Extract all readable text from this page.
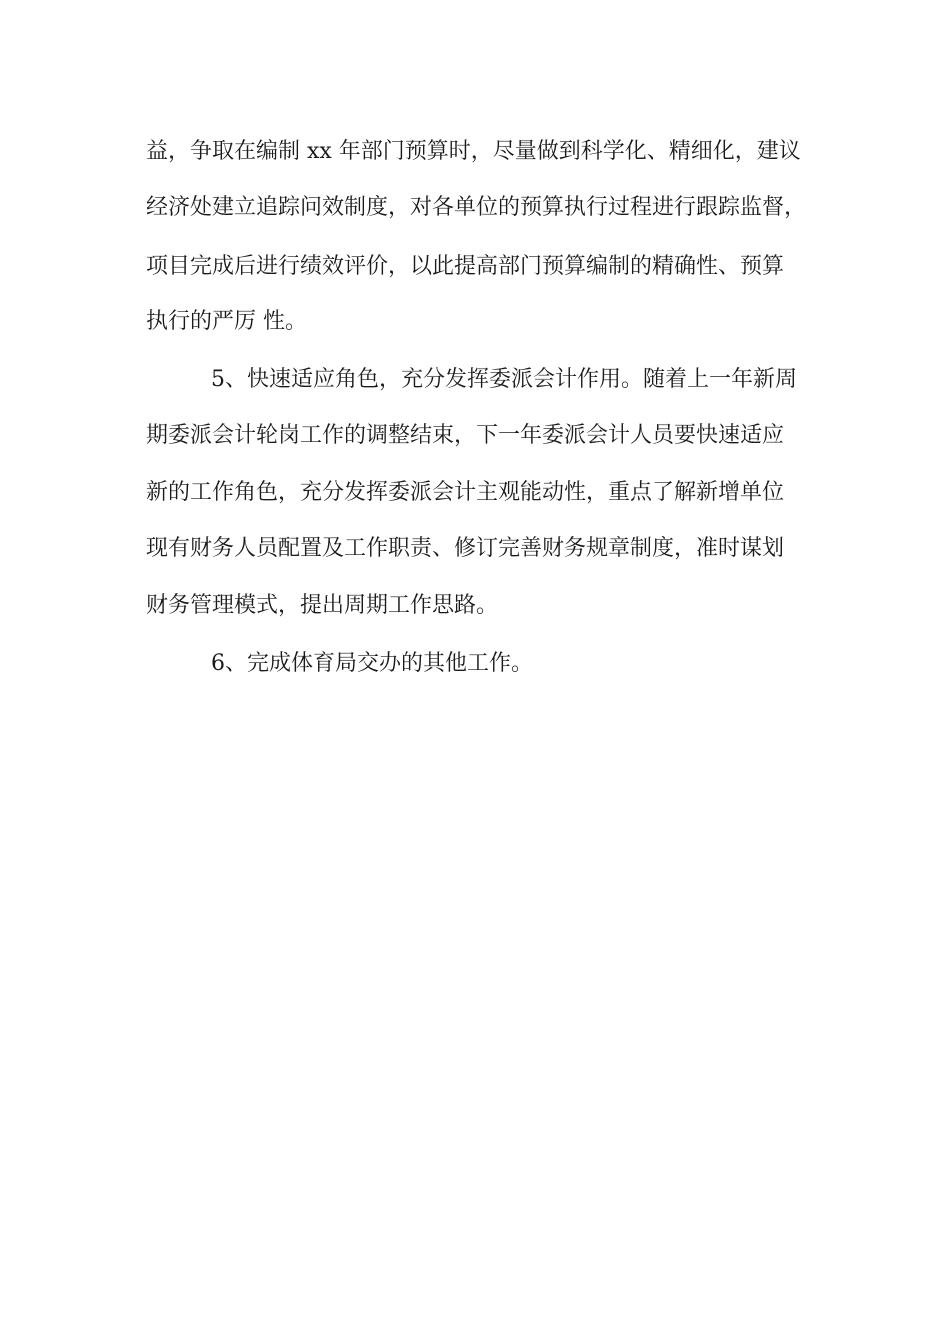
益，争取在编制 xx 年部门预算时，尽量做到科学化、精细化，建议
经济处建立追踪问效制度，对各单位的预算执行过程进行跟踪监督，
项目完成后进行绩效评价，以此提高部门预算编制的精确性、预算
执行的严厉 性。
5、快速适应角色，充分发挥委派会计作用。随着上一年新周
期委派会计轮岗工作的调整结束，下一年委派会计人员要快速适应
新的工作角色，充分发挥委派会计主观能动性，重点了解新增单位
现有财务人员配置及工作职责、修订完善财务规章制度，准时谋划
财务管理模式，提出周期工作思路。
6、完成体育局交办的其他工作。
